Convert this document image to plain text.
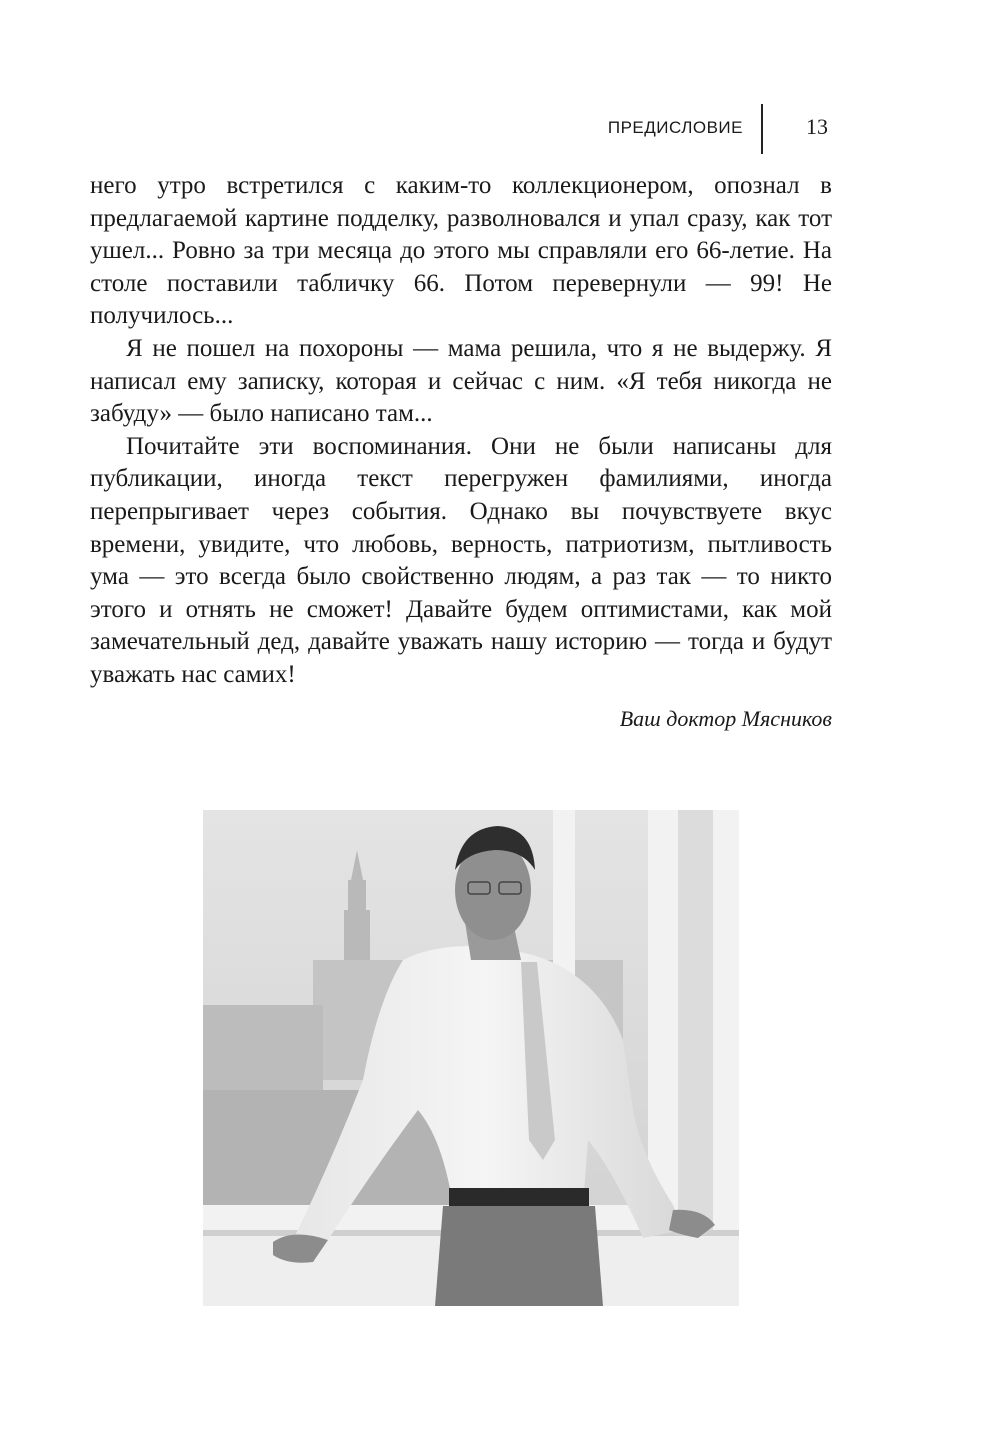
ПРЕДИСЛОВИЕ	13

него утро встретился с каким-то коллекционером, опознал в предлагаемой картине подделку, разволновался и упал сразу, как тот ушел... Ровно за три месяца до этого мы справляли его 66-летие. На столе поставили табличку 66. Потом перевернули — 99! Не получилось...

Я не пошел на похороны — мама решила, что я не выдержу. Я написал ему записку, которая и сейчас с ним. «Я тебя никогда не забуду» — было написано там...

Почитайте эти воспоминания. Они не были написаны для публикации, иногда текст перегружен фамилиями, иногда перепрыгивает через события. Однако вы почувствуете вкус времени, увидите, что любовь, верность, патриотизм, пытливость ума — это всегда было свойственно людям, а раз так — то никто этого и отнять не сможет! Давайте будем оптимистами, как мой замечательный дед, давайте уважать нашу историю — тогда и будут уважать нас самих!

Ваш доктор Мясников
